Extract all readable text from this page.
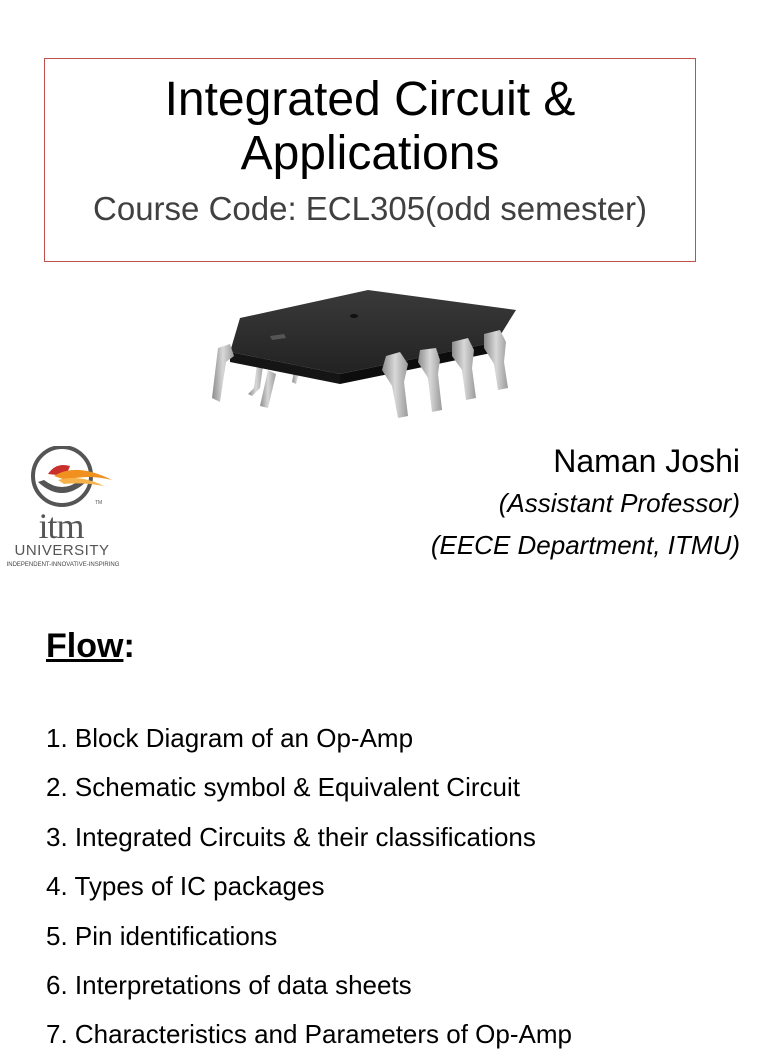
Integrated Circuit &
Applications
Course Code: ECL305(odd semester)
TM
itm
UNIVERSITY
INDEPENDENT-INNOVATIVE-INSPIRING
Naman Joshi
(Assistant Professor)
(EECE Department, ITMU)
Flow:
1. Block Diagram of an Op-Amp
2. Schematic symbol & Equivalent Circuit
3. Integrated Circuits & their classifications
4. Types of IC packages
5. Pin identifications
6. Interpretations of data sheets
7. Characteristics and Parameters of Op-Amp
